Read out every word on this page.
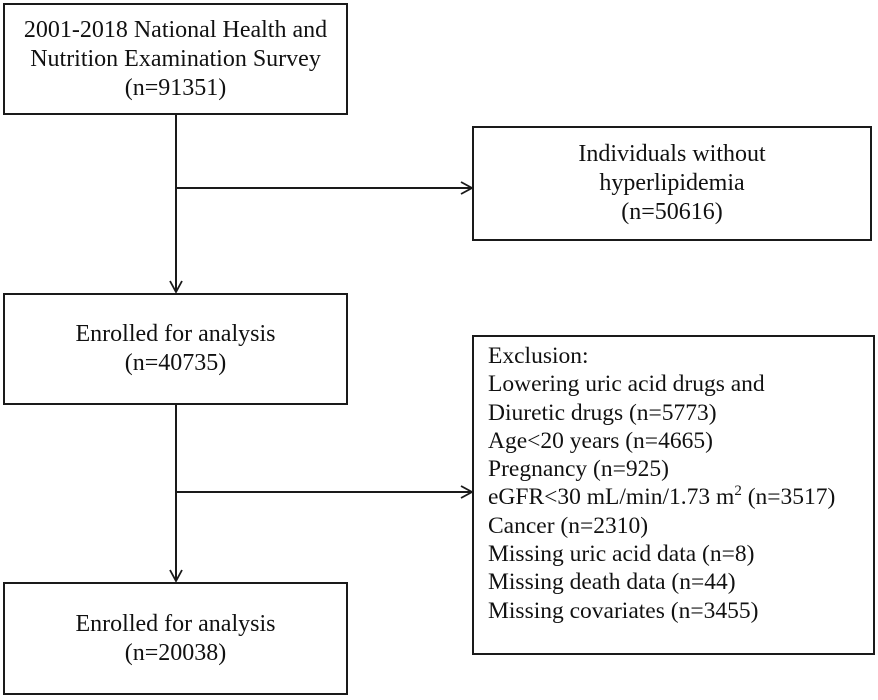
2001-2018 National Health and
Nutrition Examination Survey
(n=91351)
Individuals without
hyperlipidemia
(n=50616)
Enrolled for analysis
(n=40735)	Exclusion:
Lowering uric acid drugs and
Diuretic drugs (n=5773)
Age<20 years (n=4665)
Pregnancy (n=925)
eGFR<30 mL/min/1.73 $m^2$ (n=3517)
Cancer (n=2310)
Missing uric acid data (n=8)
Missing death data (n=44)
Missing covariates (n=3455)
Enrolled for analysis
(n=20038)
